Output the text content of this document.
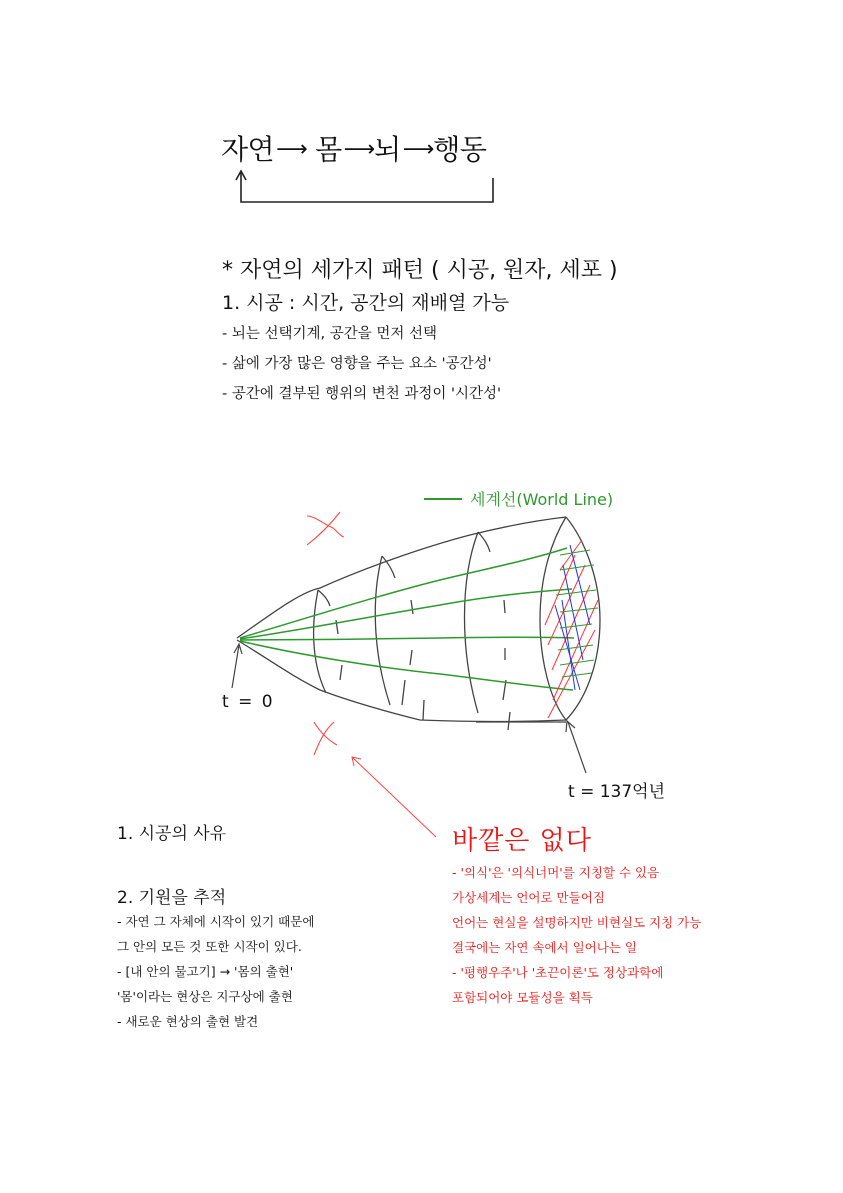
자연⟶ 몸⟶뇌⟶행동
* 자연의 세가지 패턴 ( 시공, 원자, 세포 )
1. 시공 : 시간, 공간의 재배열 가능
- 뇌는 선택기계, 공간을 먼저 선택
- 삶에 가장 많은 영향을 주는 요소 '공간성'
- 공간에 결부된 행위의 변천 과정이 '시간성'
세계선(World Line)
t = 0
t = 137억년
1. 시공의 사유
2. 기원을 추적
- 자연 그 자체에 시작이 있기 때문에
그 안의 모든 것 또한 시작이 있다.
- [내 안의 물고기] → '몸의 출현'
'몸'이라는 현상은 지구상에 출현
- 새로운 현상의 출현 발견
바깥은 없다
- '의식'은 '의식너머'를 지칭할 수 있음
가상세계는 언어로 만들어짐
언어는 현실을 설명하지만 비현실도 지칭 가능
결국에는 자연 속에서 일어나는 일
- '평행우주'나 '초끈이론'도 정상과학에
포함되어야 모듈성을 획득
